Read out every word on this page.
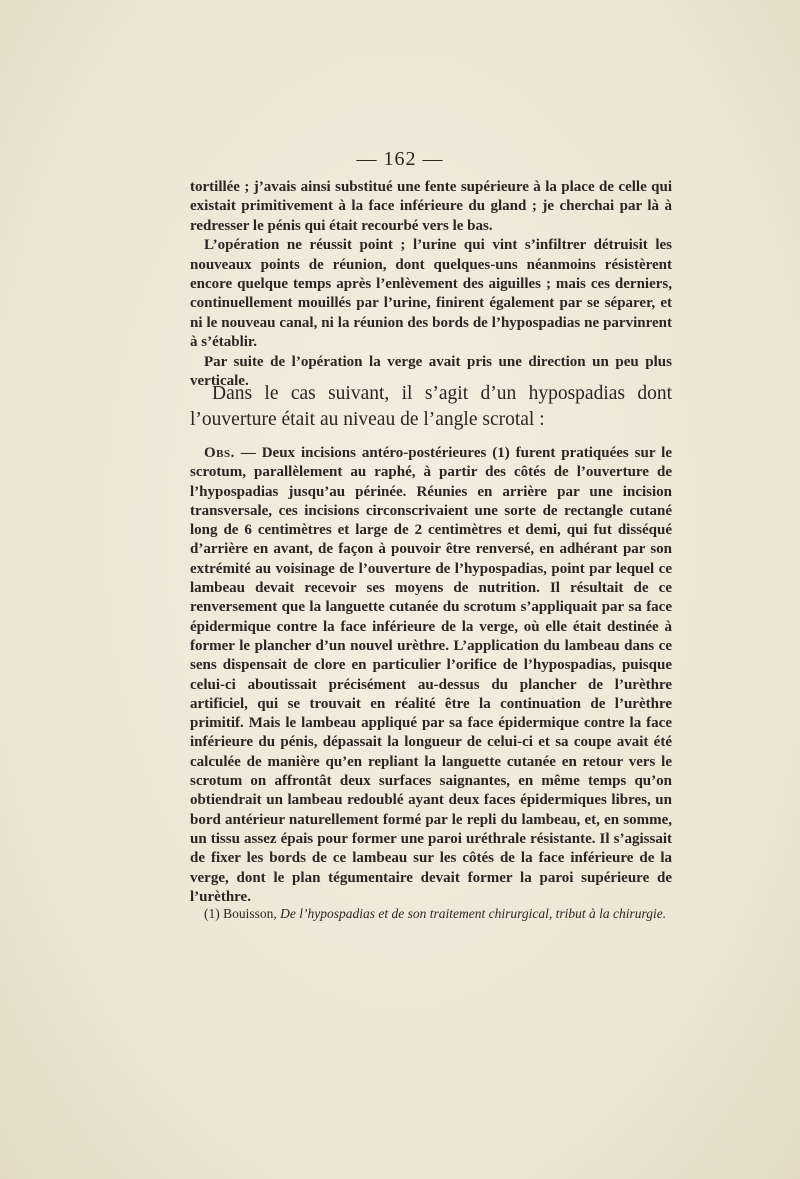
— 162 —

tortillée ; j’avais ainsi substitué une fente supérieure à la place de celle qui existait primitivement à la face inférieure du gland ; je cherchai par là à redresser le pénis qui était recourbé vers le bas.

L’opération ne réussit point ; l’urine qui vint s’infiltrer détruisit les nouveaux points de réunion, dont quelques-uns néanmoins résistèrent encore quelque temps après l’enlèvement des aiguilles ; mais ces derniers, continuellement mouillés par l’urine, finirent également par se séparer, et ni le nouveau canal, ni la réunion des bords de l’hypospadias ne parvinrent à s’établir.

Par suite de l’opération la verge avait pris une direction un peu plus verticale.

Dans le cas suivant, il s’agit d’un hypospadias dont l’ouverture était au niveau de l’angle scrotal :

Obs. — Deux incisions antéro-postérieures (1) furent pratiquées sur le scrotum, parallèlement au raphé, à partir des côtés de l’ouverture de l’hypospadias jusqu’au périnée. Réunies en arrière par une incision transversale, ces incisions circonscrivaient une sorte de rectangle cutané long de 6 centimètres et large de 2 centimètres et demi, qui fut disséqué d’arrière en avant, de façon à pouvoir être renversé, en adhérant par son extrémité au voisinage de l’ouverture de l’hypospadias, point par lequel ce lambeau devait recevoir ses moyens de nutrition. Il résultait de ce renversement que la languette cutanée du scrotum s’appliquait par sa face épidermique contre la face inférieure de la verge, où elle était destinée à former le plancher d’un nouvel urèthre. L’application du lambeau dans ce sens dispensait de clore en particulier l’orifice de l’hypospadias, puisque celui-ci aboutissait précisément au-dessus du plancher de l’urèthre artificiel, qui se trouvait en réalité être la continuation de l’urèthre primitif. Mais le lambeau appliqué par sa face épidermique contre la face inférieure du pénis, dépassait la longueur de celui-ci et sa coupe avait été calculée de manière qu’en repliant la languette cutanée en retour vers le scrotum on affrontât deux surfaces saignantes, en même temps qu’on obtiendrait un lambeau redoublé ayant deux faces épidermiques libres, un bord antérieur naturellement formé par le repli du lambeau, et, en somme, un tissu assez épais pour former une paroi uréthrale résistante. Il s’agissait de fixer les bords de ce lambeau sur les côtés de la face inférieure de la verge, dont le plan tégumentaire devait former la paroi supérieure de l’urèthre.

(1) Bouisson, De l’hypospadias et de son traitement chirurgical, tribut à la chirurgie.
